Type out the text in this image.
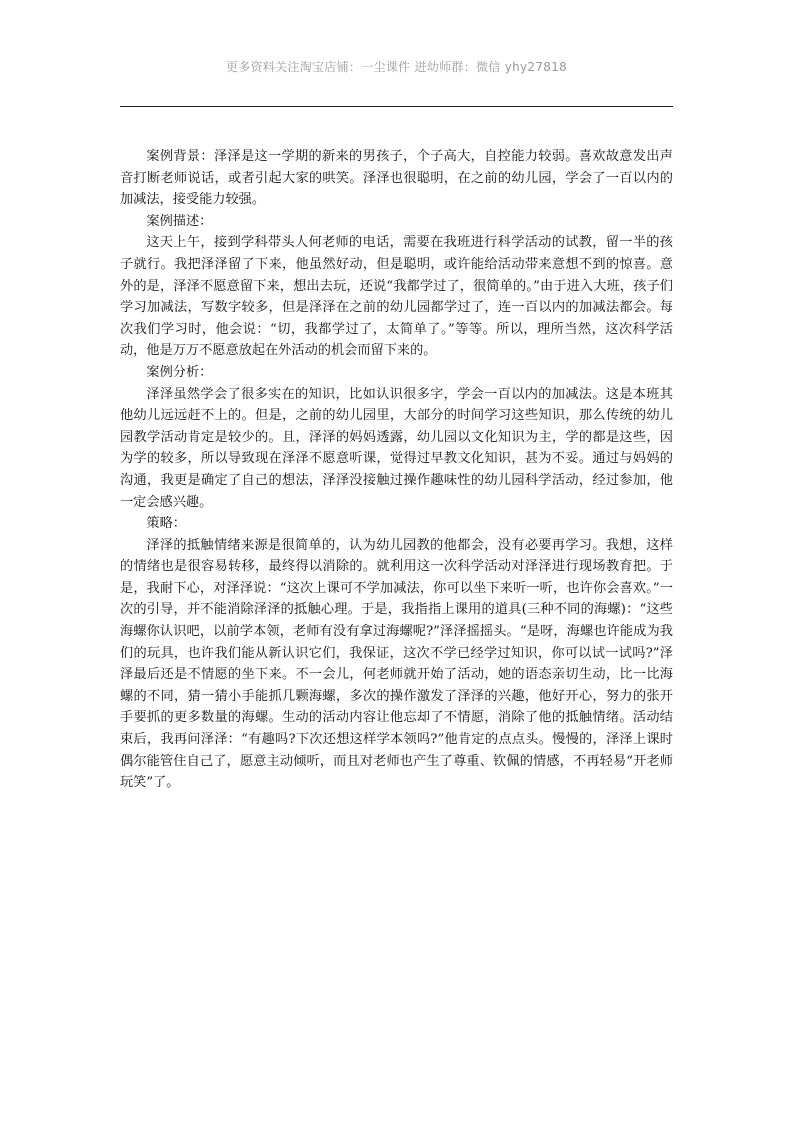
更多资料关注淘宝店铺：一尘课件 进幼师群：微信 yhy27818

案例背景：泽泽是这一学期的新来的男孩子，个子高大，自控能力较弱。喜欢故意发出声音打断老师说话，或者引起大家的哄笑。泽泽也很聪明，在之前的幼儿园，学会了一百以内的加减法，接受能力较强。

案例描述：

这天上午，接到学科带头人何老师的电话，需要在我班进行科学活动的试教，留一半的孩子就行。我把泽泽留了下来，他虽然好动，但是聪明，或许能给活动带来意想不到的惊喜。意外的是，泽泽不愿意留下来，想出去玩，还说“我都学过了，很简单的。”由于进入大班，孩子们学习加减法，写数字较多，但是泽泽在之前的幼儿园都学过了，连一百以内的加减法都会。每次我们学习时，他会说：“切，我都学过了，太简单了。”等等。所以，理所当然，这次科学活动，他是万万不愿意放起在外活动的机会而留下来的。

案例分析：

泽泽虽然学会了很多实在的知识，比如认识很多字，学会一百以内的加减法。这是本班其他幼儿远远赶不上的。但是，之前的幼儿园里，大部分的时间学习这些知识，那么传统的幼儿园教学活动肯定是较少的。且，泽泽的妈妈透露，幼儿园以文化知识为主，学的都是这些，因为学的较多，所以导致现在泽泽不愿意听课，觉得过早教文化知识，甚为不妥。通过与妈妈的沟通，我更是确定了自己的想法，泽泽没接触过操作趣味性的幼儿园科学活动，经过参加，他一定会感兴趣。

策略：

泽泽的抵触情绪来源是很简单的，认为幼儿园教的他都会，没有必要再学习。我想，这样的情绪也是很容易转移，最终得以消除的。就利用这一次科学活动对泽泽进行现场教育把。于是，我耐下心，对泽泽说：“这次上课可不学加减法，你可以坐下来听一听，也许你会喜欢。”一次的引导，并不能消除泽泽的抵触心理。于是，我指指上课用的道具(三种不同的海螺)：“这些海螺你认识吧，以前学本领，老师有没有拿过海螺呢?”泽泽摇摇头。“是呀，海螺也许能成为我们的玩具，也许我们能从新认识它们，我保证，这次不学已经学过知识，你可以试一试吗?”泽泽最后还是不情愿的坐下来。不一会儿，何老师就开始了活动，她的语态亲切生动，比一比海螺的不同，猜一猜小手能抓几颗海螺，多次的操作激发了泽泽的兴趣，他好开心，努力的张开手要抓的更多数量的海螺。生动的活动内容让他忘却了不情愿，消除了他的抵触情绪。活动结束后，我再问泽泽：“有趣吗?下次还想这样学本领吗?”他肯定的点点头。慢慢的，泽泽上课时偶尔能管住自己了，愿意主动倾听，而且对老师也产生了尊重、钦佩的情感，不再轻易“开老师玩笑”了。
